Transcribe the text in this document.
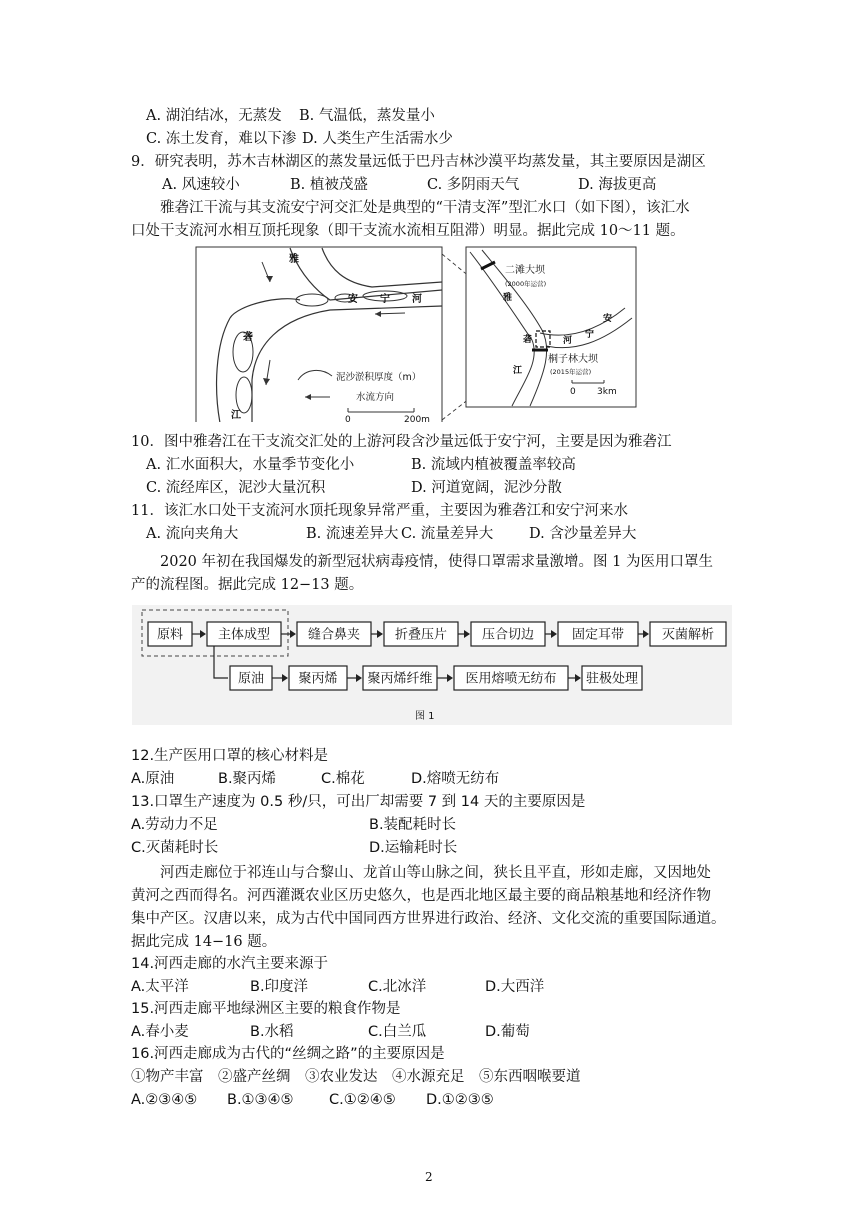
A. 湖泊结冰，无蒸发 B. 气温低，蒸发量小
C. 冻土发育，难以下渗 D. 人类生产生活需水少
9．研究表明，苏木吉林湖区的蒸发量远低于巴丹吉林沙漠平均蒸发量，其主要原因是湖区
A. 风速较小	B. 植被茂盛	C. 多阴雨天气	D. 海拔更高
雅砻江干流与其支流安宁河交汇处是典型的“干清支浑”型汇水口（如下图），该汇水
口处干支流河水相互顶托现象（即干支流水流相互阻滞）明显。据此完成 10～11 题。
雅
砻
江
安 宁 河
泥沙淤积厚度（m）
水流方向
0	200m
二滩大坝
(2000年运营)
桐子林大坝
(2015年运营)
雅
砻
江
安
宁
河
0 3km
10．图中雅砻江在干支流交汇处的上游河段含沙量远低于安宁河，主要是因为雅砻江
A. 汇水面积大，水量季节变化小	B. 流域内植被覆盖率较高
C. 流经库区，泥沙大量沉积	D. 河道宽阔，泥沙分散
11．该汇水口处干支流河水顶托现象异常严重，主要因为雅砻江和安宁河来水
A. 流向夹角大	B. 流速差异大 C. 流量差异大 D. 含沙量差异大
2020 年初在我国爆发的新型冠状病毒疫情，使得口罩需求量激增。图 1 为医用口罩生
产的流程图。据此完成 12−13 题。
原料	主体成型	缝合鼻夹	折叠压片	压合切边	固定耳带	灭菌解析
原油	聚丙烯 聚丙烯纤维	医用熔喷无纺布 驻极处理
图 1
12.生产医用口罩的核心材料是
A.原油	B.聚丙烯	C.棉花	D.熔喷无纺布
13.口罩生产速度为 0.5 秒/只，可出厂却需要 7 到 14 天的主要原因是
A.劳动力不足	B.装配耗时长
C.灭菌耗时长	D.运输耗时长
河西走廊位于祁连山与合黎山、龙首山等山脉之间，狭长且平直，形如走廊，又因地处
黄河之西而得名。河西灌溉农业区历史悠久，也是西北地区最主要的商品粮基地和经济作物
集中产区。汉唐以来，成为古代中国同西方世界进行政治、经济、文化交流的重要国际通道。
据此完成 14−16 题。
14.河西走廊的水汽主要来源于
A.太平洋	B.印度洋	C.北冰洋	D.大西洋
15.河西走廊平地绿洲区主要的粮食作物是
A.春小麦	B.水稻	C.白兰瓜	D.葡萄
16.河西走廊成为古代的“丝绸之路”的主要原因是
①物产丰富　②盛产丝绸　③农业发达　④水源充足　⑤东西咽喉要道
A.②③④⑤ B.①③④⑤ C.①②④⑤ D.①②③⑤
2
